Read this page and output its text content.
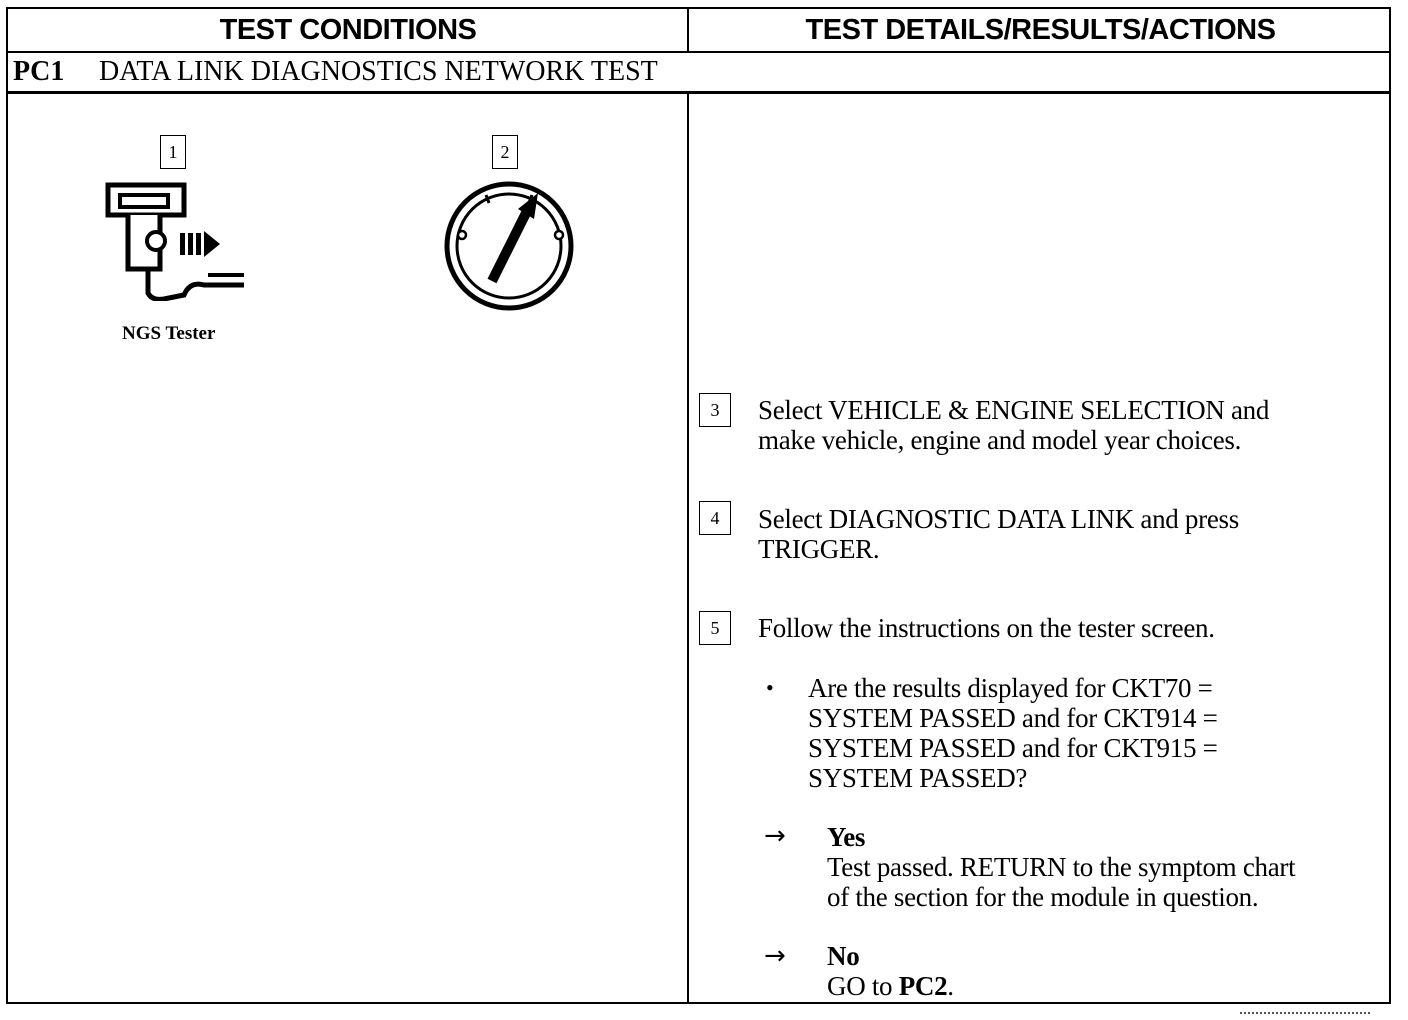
TEST CONDITIONS	TEST DETAILS/RESULTS/ACTIONS
PC1	DATA LINK DIAGNOSTICS NETWORK TEST
1
NGS Tester
2
3	Select VEHICLE & ENGINE SELECTION and
make vehicle, engine and model year choices.
4	Select DIAGNOSTIC DATA LINK and press
TRIGGER.
5	Follow the instructions on the tester screen.
• Are the results displayed for CKT70 =
SYSTEM PASSED and for CKT914 =
SYSTEM PASSED and for CKT915 =
SYSTEM PASSED?
→ Yes
Test passed. RETURN to the symptom chart
of the section for the module in question.
→ No
GO to PC2.
